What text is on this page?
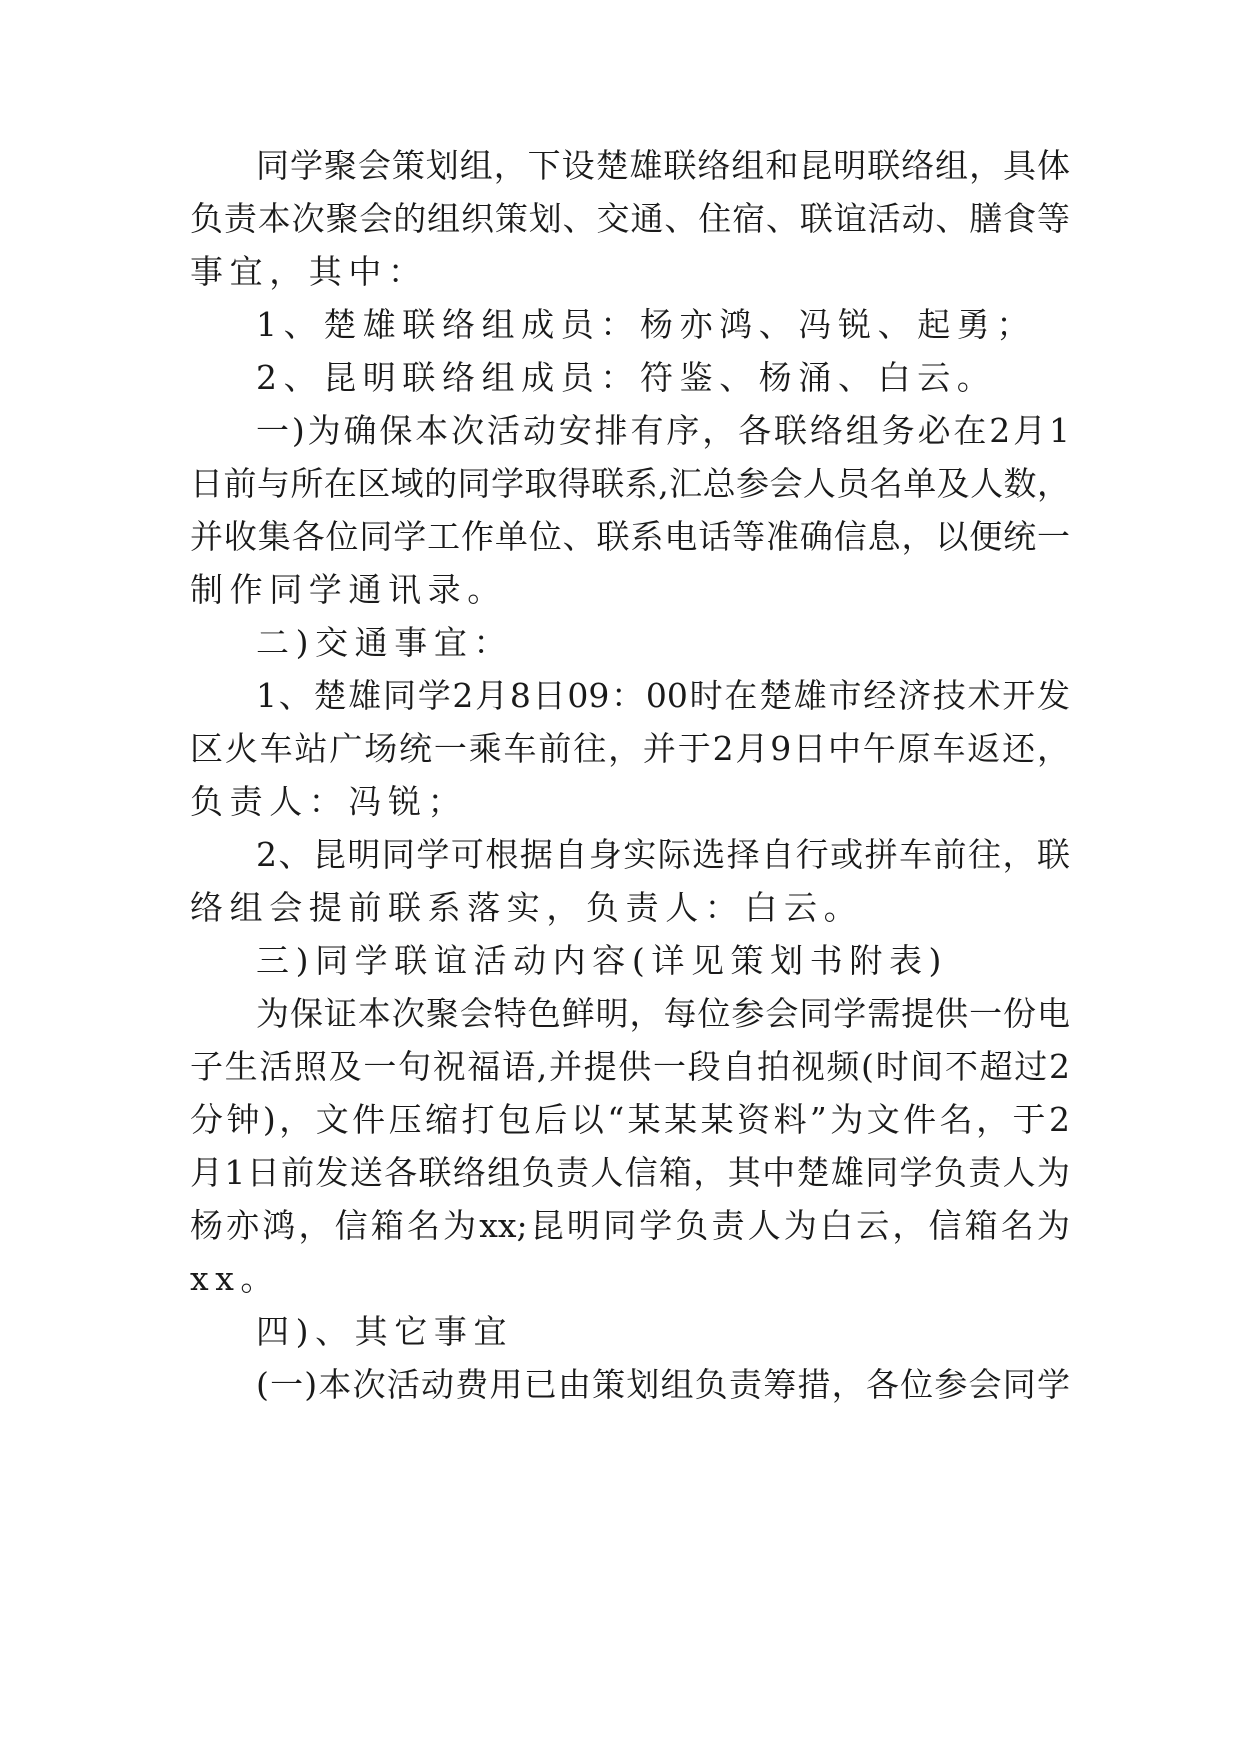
同学聚会策划组，下设楚雄联络组和昆明联络组，具体
负责本次聚会的组织策划、交通、住宿、联谊活动、膳食等
事宜，其中：
1、楚雄联络组成员：杨亦鸿、冯锐、起勇；
2、昆明联络组成员：符鉴、杨涌、白云。
一)为确保本次活动安排有序，各联络组务必在2月1
日前与所在区域的同学取得联系,汇总参会人员名单及人数，
并收集各位同学工作单位、联系电话等准确信息，以便统一
制作同学通讯录。
二)交通事宜：
1、楚雄同学2月8日09：00时在楚雄市经济技术开发
区火车站广场统一乘车前往，并于2月9日中午原车返还，
负责人：冯锐；
2、昆明同学可根据自身实际选择自行或拼车前往，联
络组会提前联系落实，负责人：白云。
三)同学联谊活动内容(详见策划书附表)
为保证本次聚会特色鲜明，每位参会同学需提供一份电
子生活照及一句祝福语,并提供一段自拍视频(时间不超过2
分钟)，文件压缩打包后以“某某某资料”为文件名，于2
月1日前发送各联络组负责人信箱，其中楚雄同学负责人为
杨亦鸿，信箱名为xx;昆明同学负责人为白云，信箱名为
xx。
四)、其它事宜
(一)本次活动费用已由策划组负责筹措，各位参会同学
